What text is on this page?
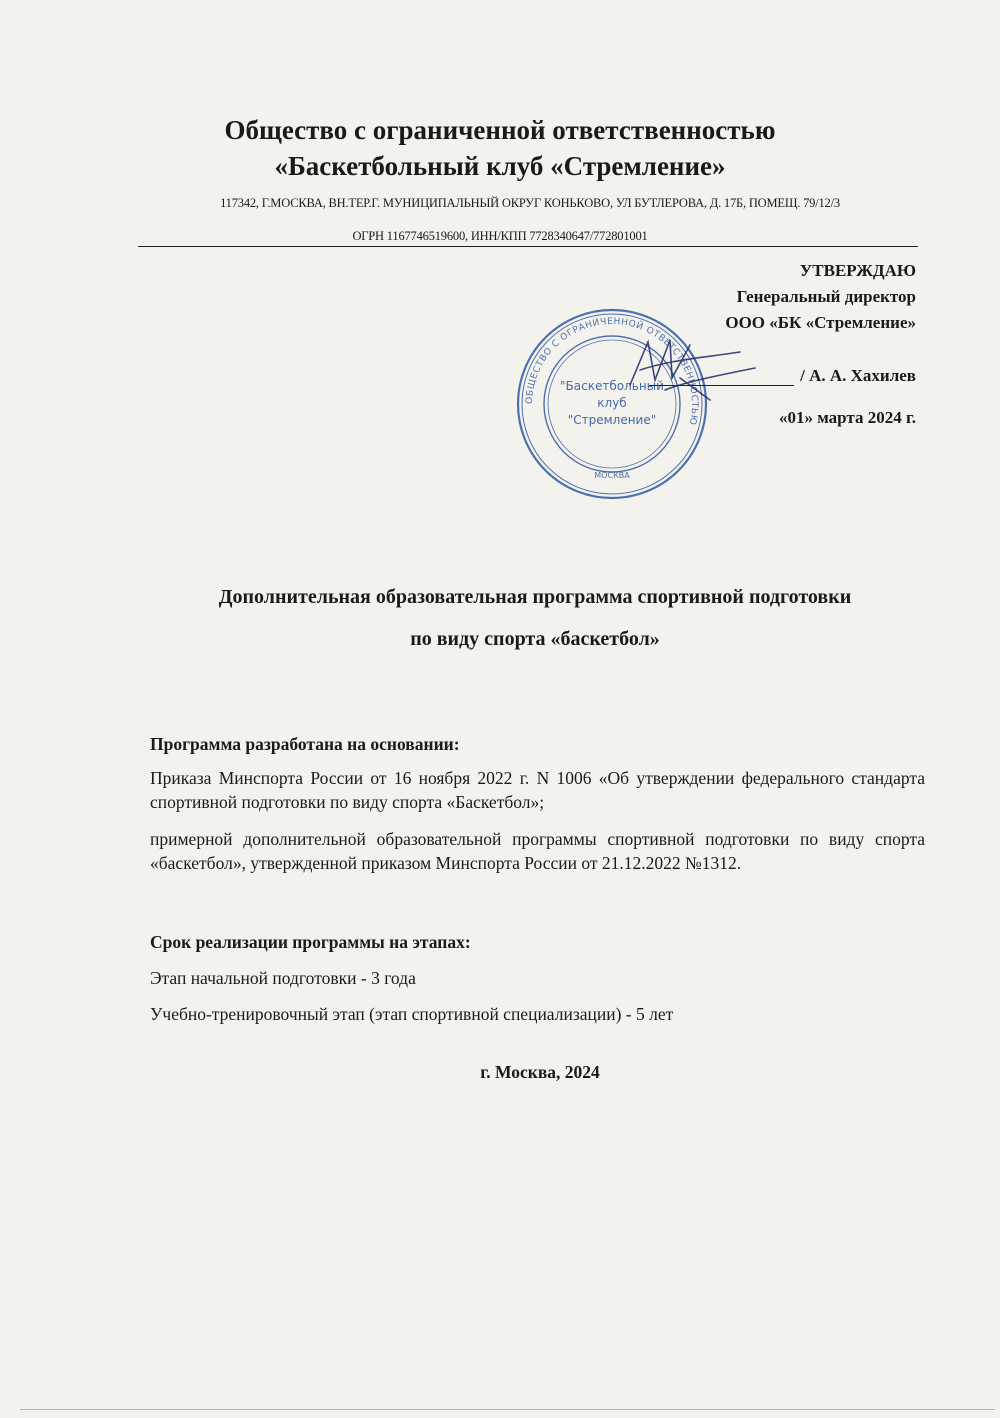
Общество с ограниченной ответственностью
«Баскетбольный клуб «Стремление»
117342, Г.МОСКВА, ВН.ТЕР.Г. МУНИЦИПАЛЬНЫЙ ОКРУГ КОНЬКОВО, УЛ БУТЛЕРОВА, Д. 17Б, ПОМЕЩ. 79/12/3
ОГРН 1167746519600, ИНН/КПП 7728340647/772801001
УТВЕРЖДАЮ
Генеральный директор
ООО «БК «Стремление»
ОБЩЕСТВО С ОГРАНИЧЕННОЙ ОТВЕТСТВЕННОСТЬЮ
МОСКВА
"Баскетбольный
клуб
"Стремление"
/ А. А. Хахилев
«01» марта 2024 г.
Дополнительная образовательная программа спортивной подготовки
по виду спорта «баскетбол»
Программа разработана на основании:

Приказа Минспорта России от 16 ноября 2022 г. N 1006 «Об утверждении федерального стандарта спортивной подготовки по виду спорта «Баскетбол»;

примерной дополнительной образовательной программы спортивной подготовки по виду спорта «баскетбол», утвержденной приказом Минспорта России от 21.12.2022 №1312.

Срок реализации программы на этапах:
Этап начальной подготовки - 3 года
Учебно-тренировочный этап (этап спортивной специализации) - 5 лет
г. Москва, 2024
